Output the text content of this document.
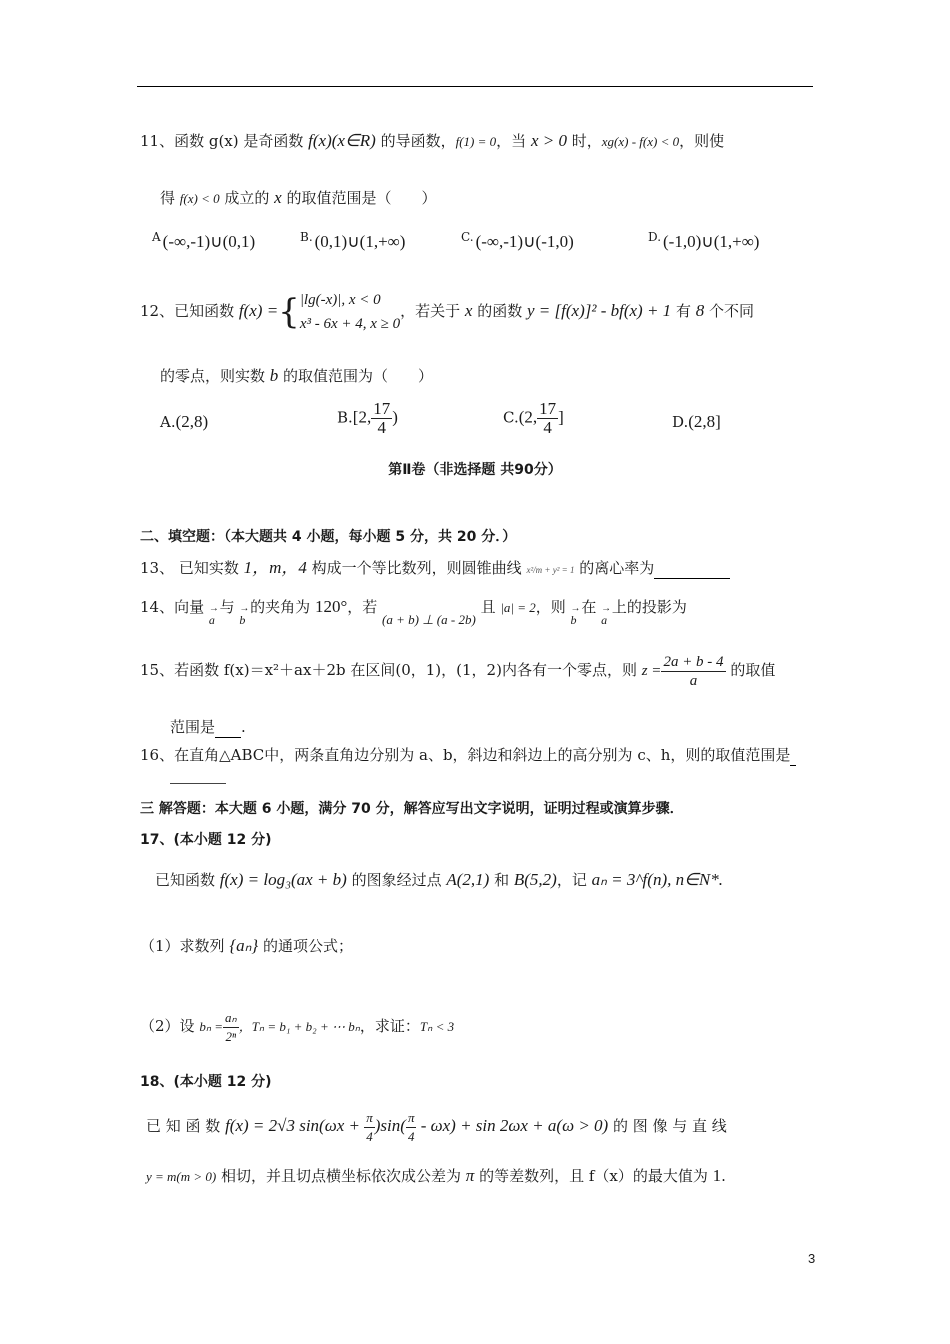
11、函数 g(x) 是奇函数 f(x)(x∈R) 的导函数，f(1) = 0，当 x > 0 时，xg(x) - f(x) < 0，则使
得 f(x) < 0 成立的 x 的取值范围是（　　）
$^A$ (-∞,-1)∪(0,1)	$^{B.}$ (0,1)∪(1,+∞)	$^{C.}$ (-∞,-1)∪(-1,0)	$^{D.}$ (-1,0)∪(1,+∞)
12、已知函数 f(x) ={ |lg(-x)|, x < 0
x³ - 6x + 4, x ≥ 0
，若关于 x 的函数 y = [f(x)]² - bf(x) + 1 有 8 个不同
的零点，则实数 b 的取值范围为（　　）
A.(2,8)	B.[2, $\frac{17}{4}$ )	C.(2, $\frac{17}{4}$ ]	D.(2,8]
第Ⅱ卷（非选择题 共90分）
二、填空题：（本大题共 4 小题，每小题 5 分，共 20 分．）
13、 已知实数 1，m，4 构成一个等比数列，则圆锥曲线 x²/m + y² = 1 的离心率为
14、向量 → a 与 → b 的夹角为 120°，若 (a + b) ⊥ (a - 2b) 且 |a| = 2，则 → b 在 → a 上的投影为
15、若函数 f(x)＝x²＋ax＋2b 在区间(0，1)，(1，2)内各有一个零点，则 $z = \frac{2a + b - 4}{a}$ 的取值
范围是 .
16、在直角△ABC中，两条直角边分别为 a、b，斜边和斜边上的高分别为 c、h，则的取值范围是
三 解答题：本大题 6 小题，满分 70 分，解答应写出文字说明，证明过程或演算步骤．
17、(本小题 12 分)
已知函数 f(x) = log₃(ax + b) 的图象经过点 A(2,1) 和 B(5,2)，记 aₙ = 3^f(n), n∈N*.
（1）求数列 {aₙ} 的通项公式；
（2）设 $b_n = \frac{\text{aₙ}}{\text{2ⁿ}}$ ，Tₙ = b₁ + b₂ + ⋯ bₙ，求证：Tₙ < 3
18、(本小题 12 分)
已 知 函 数 f(x) = 2√3 $\sin(\omega x + \frac{\pi}{4} )\sin( \frac{\pi}{4} - \omega x) + \sin 2\omega x + a(\omega > 0)$ 的 图 像 与 直 线
y = m(m > 0) 相切，并且切点横坐标依次成公差为 π 的等差数列，且 f（x）的最大值为 1.
3
